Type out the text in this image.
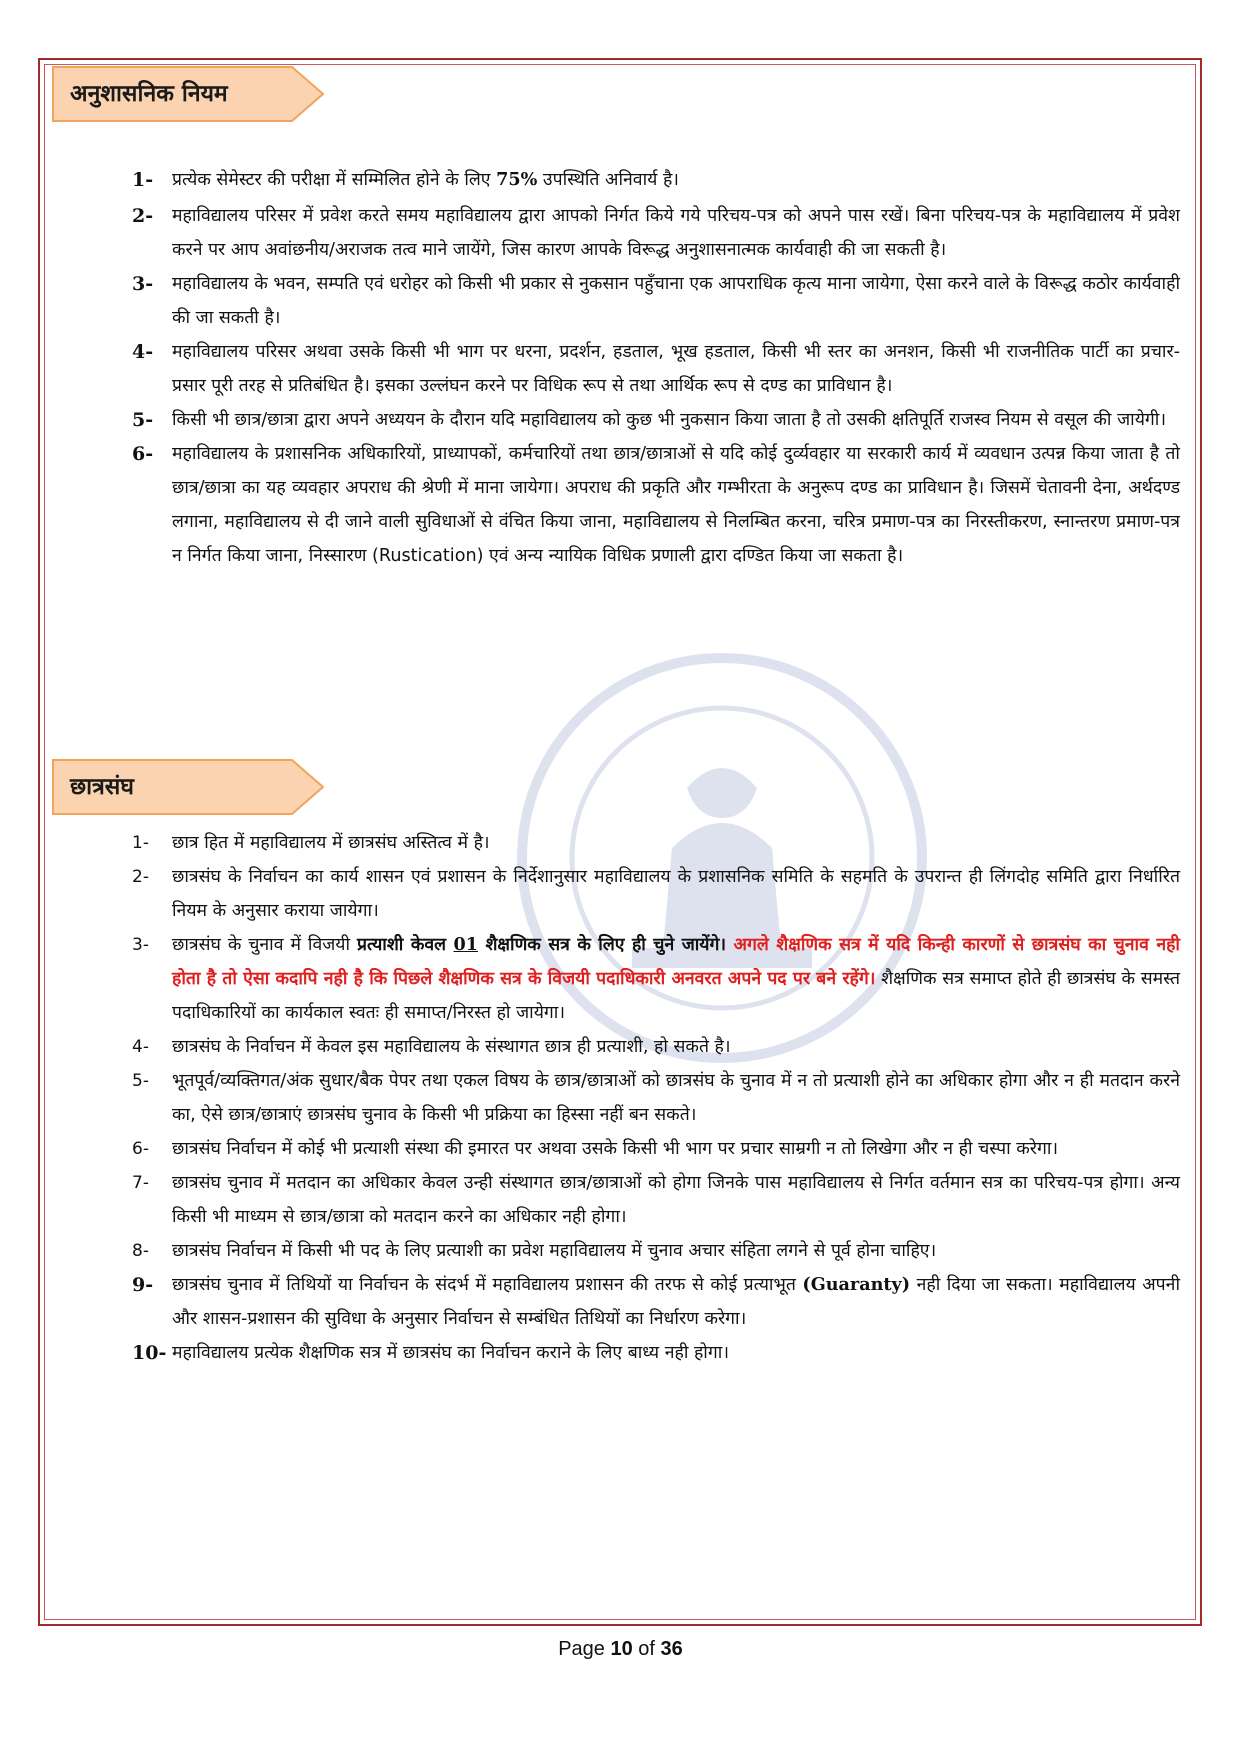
अनुशासनिक नियम
1- प्रत्येक सेमेस्टर की परीक्षा में सम्मिलित होने के लिए 75% उपस्थिति अनिवार्य है।
2- महाविद्यालय परिसर में प्रवेश करते समय महाविद्यालय द्वारा आपको निर्गत किये गये परिचय-पत्र को अपने पास रखें। बिना परिचय-पत्र के महाविद्यालय में प्रवेश करने पर आप अवांछनीय/अराजक तत्व माने जायेंगे, जिस कारण आपके विरूद्ध अनुशासनात्मक कार्यवाही की जा सकती है।
3- महाविद्यालय के भवन, सम्पति एवं धरोहर को किसी भी प्रकार से नुकसान पहुँचाना एक आपराधिक कृत्य माना जायेगा, ऐसा करने वाले के विरूद्ध कठोर कार्यवाही की जा सकती है।
4- महाविद्यालय परिसर अथवा उसके किसी भी भाग पर धरना, प्रदर्शन, हडताल, भूख हडताल, किसी भी स्तर का अनशन, किसी भी राजनीतिक पार्टी का प्रचार-प्रसार पूरी तरह से प्रतिबंधित है। इसका उल्लंघन करने पर विधिक रूप से तथा आर्थिक रूप से दण्ड का प्राविधान है।
5- किसी भी छात्र/छात्रा द्वारा अपने अध्ययन के दौरान यदि महाविद्यालय को कुछ भी नुकसान किया जाता है तो उसकी क्षतिपूर्ति राजस्व नियम से वसूल की जायेगी।
6- महाविद्यालय के प्रशासनिक अधिकारियों, प्राध्यापकों, कर्मचारियों तथा छात्र/छात्राओं से यदि कोई दुर्व्यवहार या सरकारी कार्य में व्यवधान उत्पन्न किया जाता है तो छात्र/छात्रा का यह व्यवहार अपराध की श्रेणी में माना जायेगा। अपराध की प्रकृति और गम्भीरता के अनुरूप दण्ड का प्राविधान है। जिसमें चेतावनी देना, अर्थदण्ड लगाना, महाविद्यालय से दी जाने वाली सुविधाओं से वंचित किया जाना, महाविद्यालय से निलम्बित करना, चरित्र प्रमाण-पत्र का निरस्तीकरण, स्नान्तरण प्रमाण-पत्र न निर्गत किया जाना, निस्सारण (Rustication) एवं अन्य न्यायिक विधिक प्रणाली द्वारा दण्डित किया जा सकता है।
छात्रसंघ
1- छात्र हित में महाविद्यालय में छात्रसंघ अस्तित्व में है।
2- छात्रसंघ के निर्वाचन का कार्य शासन एवं प्रशासन के निर्देशानुसार महाविद्यालय के प्रशासनिक समिति के सहमति के उपरान्त ही लिंगदोह समिति द्वारा निर्धारित नियम के अनुसार कराया जायेगा।
3- छात्रसंघ के चुनाव में विजयी प्रत्याशी केवल 01 शैक्षणिक सत्र के लिए ही चुने जायेंगे। अगले शैक्षणिक सत्र में यदि किन्ही कारणों से छात्रसंघ का चुनाव नही होता है तो ऐसा कदापि नही है कि पिछले शैक्षणिक सत्र के विजयी पदाधिकारी अनवरत अपने पद पर बने रहेंगे। शैक्षणिक सत्र समाप्त होते ही छात्रसंघ के समस्त पदाधिकारियों का कार्यकाल स्वतः ही समाप्त/निरस्त हो जायेगा।
4- छात्रसंघ के निर्वाचन में केवल इस महाविद्यालय के संस्थागत छात्र ही प्रत्याशी, हो सकते है।
5- भूतपूर्व/व्यक्तिगत/अंक सुधार/बैक पेपर तथा एकल विषय के छात्र/छात्राओं को छात्रसंघ के चुनाव में न तो प्रत्याशी होने का अधिकार होगा और न ही मतदान करने का, ऐसे छात्र/छात्राएं छात्रसंघ चुनाव के किसी भी प्रक्रिया का हिस्सा नहीं बन सकते।
6- छात्रसंघ निर्वाचन में कोई भी प्रत्याशी संस्था की इमारत पर अथवा उसके किसी भी भाग पर प्रचार साम्रगी न तो लिखेगा और न ही चस्पा करेगा।
7- छात्रसंघ चुनाव में मतदान का अधिकार केवल उन्ही संस्थागत छात्र/छात्राओं को होगा जिनके पास महाविद्यालय से निर्गत वर्तमान सत्र का परिचय-पत्र होगा। अन्य किसी भी माध्यम से छात्र/छात्रा को मतदान करने का अधिकार नही होगा।
8- छात्रसंघ निर्वाचन में किसी भी पद के लिए प्रत्याशी का प्रवेश महाविद्यालय में चुनाव अचार संहिता लगने से पूर्व होना चाहिए।
9- छात्रसंघ चुनाव में तिथियों या निर्वाचन के संदर्भ में महाविद्यालय प्रशासन की तरफ से कोई प्रत्याभूत (Guaranty) नही दिया जा सकता। महाविद्यालय अपनी और शासन-प्रशासन की सुविधा के अनुसार निर्वाचन से सम्बंधित तिथियों का निर्धारण करेगा।
10- महाविद्यालय प्रत्येक शैक्षणिक सत्र में छात्रसंघ का निर्वाचन कराने के लिए बाध्य नही होगा।
Page 10 of 36
